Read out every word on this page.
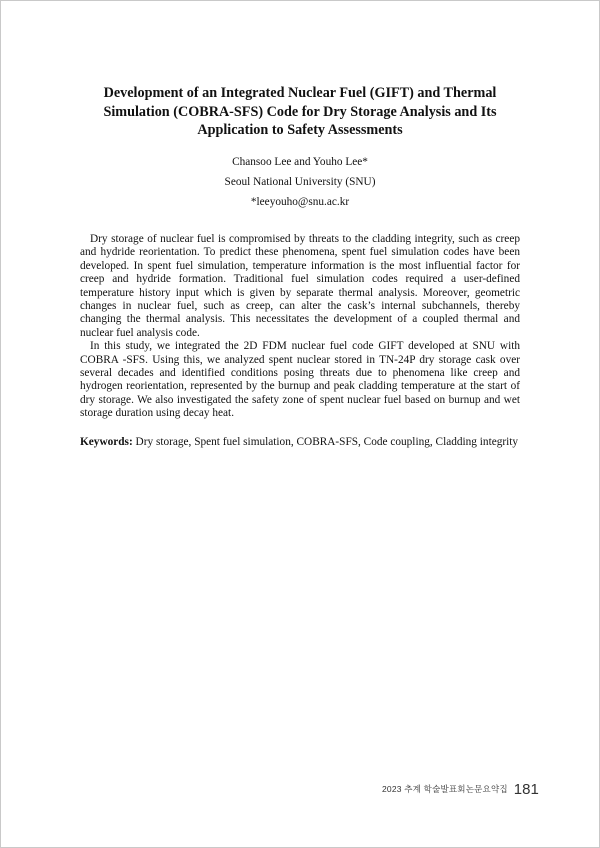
Development of an Integrated Nuclear Fuel (GIFT) and Thermal Simulation (COBRA-SFS) Code for Dry Storage Analysis and Its Application to Safety Assessments
Chansoo Lee and Youho Lee*
Seoul National University (SNU)
*leeyouho@snu.ac.kr

Dry storage of nuclear fuel is compromised by threats to the cladding integrity, such as creep and hydride reorientation. To predict these phenomena, spent fuel simulation codes have been developed. In spent fuel simulation, temperature information is the most influential factor for creep and hydride formation. Traditional fuel simulation codes required a user-defined temperature history input which is given by separate thermal analysis. Moreover, geometric changes in nuclear fuel, such as creep, can alter the cask’s internal subchannels, thereby changing the thermal analysis. This necessitates the development of a coupled thermal and nuclear fuel analysis code.

In this study, we integrated the 2D FDM nuclear fuel code GIFT developed at SNU with COBRA -SFS. Using this, we analyzed spent nuclear stored in TN-24P dry storage cask over several decades and identified conditions posing threats due to phenomena like creep and hydrogen reorientation, represented by the burnup and peak cladding temperature at the start of dry storage. We also investigated the safety zone of spent nuclear fuel based on burnup and wet storage duration using decay heat.

Keywords: Dry storage, Spent fuel simulation, COBRA-SFS, Code coupling, Cladding integrity
2023 추계 학술발표회논문요약집 181
